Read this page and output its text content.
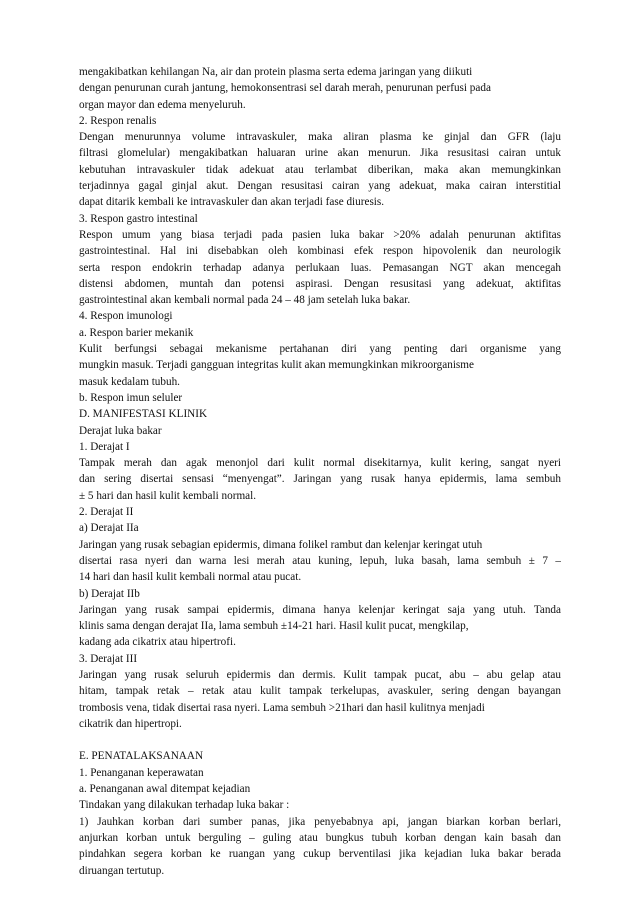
mengakibatkan kehilangan Na, air dan protein plasma serta edema jaringan yang diikuti
dengan penurunan curah jantung, hemokonsentrasi sel darah merah, penurunan perfusi pada
organ mayor dan edema menyeluruh.
2. Respon renalis
Dengan menurunnya volume intravaskuler, maka aliran plasma ke ginjal dan GFR (laju
filtrasi glomelular) mengakibatkan haluaran urine akan menurun. Jika resusitasi cairan untuk
kebutuhan intravaskuler tidak adekuat atau terlambat diberikan, maka akan memungkinkan
terjadinnya gagal ginjal akut. Dengan resusitasi cairan yang adekuat, maka cairan interstitial
dapat ditarik kembali ke intravaskuler dan akan terjadi fase diuresis.
3. Respon gastro intestinal
Respon umum yang biasa terjadi pada pasien luka bakar >20% adalah penurunan aktifitas
gastrointestinal. Hal ini disebabkan oleh kombinasi efek respon hipovolenik dan neurologik
serta respon endokrin terhadap adanya perlukaan luas. Pemasangan NGT akan mencegah
distensi abdomen, muntah dan potensi aspirasi. Dengan resusitasi yang adekuat, aktifitas
gastrointestinal akan kembali normal pada 24 – 48 jam setelah luka bakar.
4. Respon imunologi
a. Respon barier mekanik
Kulit berfungsi sebagai mekanisme pertahanan diri yang penting dari organisme yang
mungkin masuk. Terjadi gangguan integritas kulit akan memungkinkan mikroorganisme
masuk kedalam tubuh.
b. Respon imun seluler
D. MANIFESTASI KLINIK
Derajat luka bakar
1. Derajat I
Tampak merah dan agak menonjol dari kulit normal disekitarnya, kulit kering, sangat nyeri
dan sering disertai sensasi “menyengat”. Jaringan yang rusak hanya epidermis, lama sembuh
± 5 hari dan hasil kulit kembali normal.
2. Derajat II
a) Derajat IIa
Jaringan yang rusak sebagian epidermis, dimana folikel rambut dan kelenjar keringat utuh
disertai rasa nyeri dan warna lesi merah atau kuning, lepuh, luka basah, lama sembuh ± 7 –
14 hari dan hasil kulit kembali normal atau pucat.
b) Derajat IIb
Jaringan yang rusak sampai epidermis, dimana hanya kelenjar keringat saja yang utuh. Tanda
klinis sama dengan derajat IIa, lama sembuh ±14-21 hari. Hasil kulit pucat, mengkilap,
kadang ada cikatrix atau hipertrofi.
3. Derajat III
Jaringan yang rusak seluruh epidermis dan dermis. Kulit tampak pucat, abu – abu gelap atau
hitam, tampak retak – retak atau kulit tampak terkelupas, avaskuler, sering dengan bayangan
trombosis vena, tidak disertai rasa nyeri. Lama sembuh >21hari dan hasil kulitnya menjadi
cikatrik dan hipertropi.
E. PENATALAKSANAAN
1. Penanganan keperawatan
a. Penanganan awal ditempat kejadian
Tindakan yang dilakukan terhadap luka bakar :
1) Jauhkan korban dari sumber panas, jika penyebabnya api, jangan biarkan korban berlari,
anjurkan korban untuk berguling – guling atau bungkus tubuh korban dengan kain basah dan
pindahkan segera korban ke ruangan yang cukup berventilasi jika kejadian luka bakar berada
diruangan tertutup.
